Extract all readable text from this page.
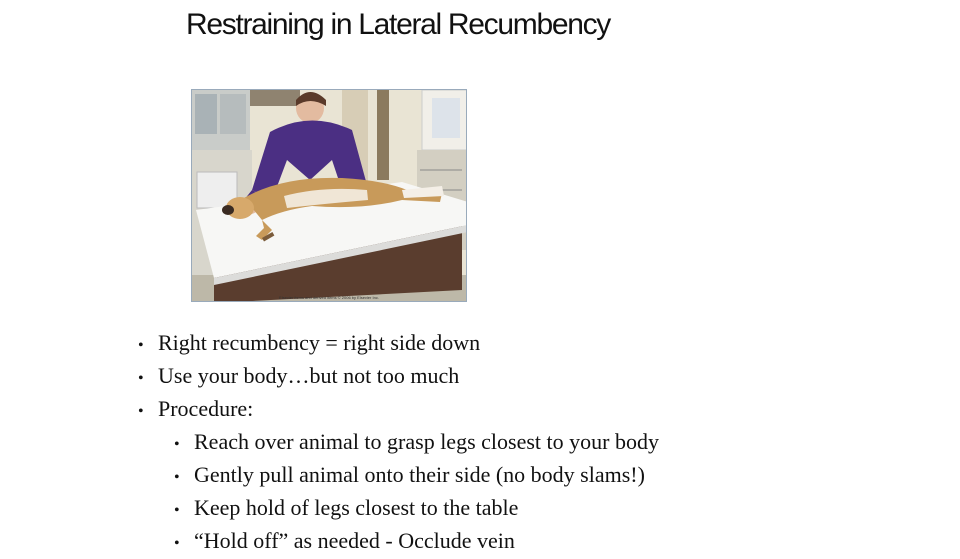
Restraining in Lateral Recumbency
Elsevier items and derived items © 2006 by Elsevier Inc.
• Right recumbency = right side down
• Use your body…but not too much
• Procedure:
• Reach over animal to grasp legs closest to your body
• Gently pull animal onto their side (no body slams!)
• Keep hold of legs closest to the table
• “Hold off” as needed - Occlude vein
